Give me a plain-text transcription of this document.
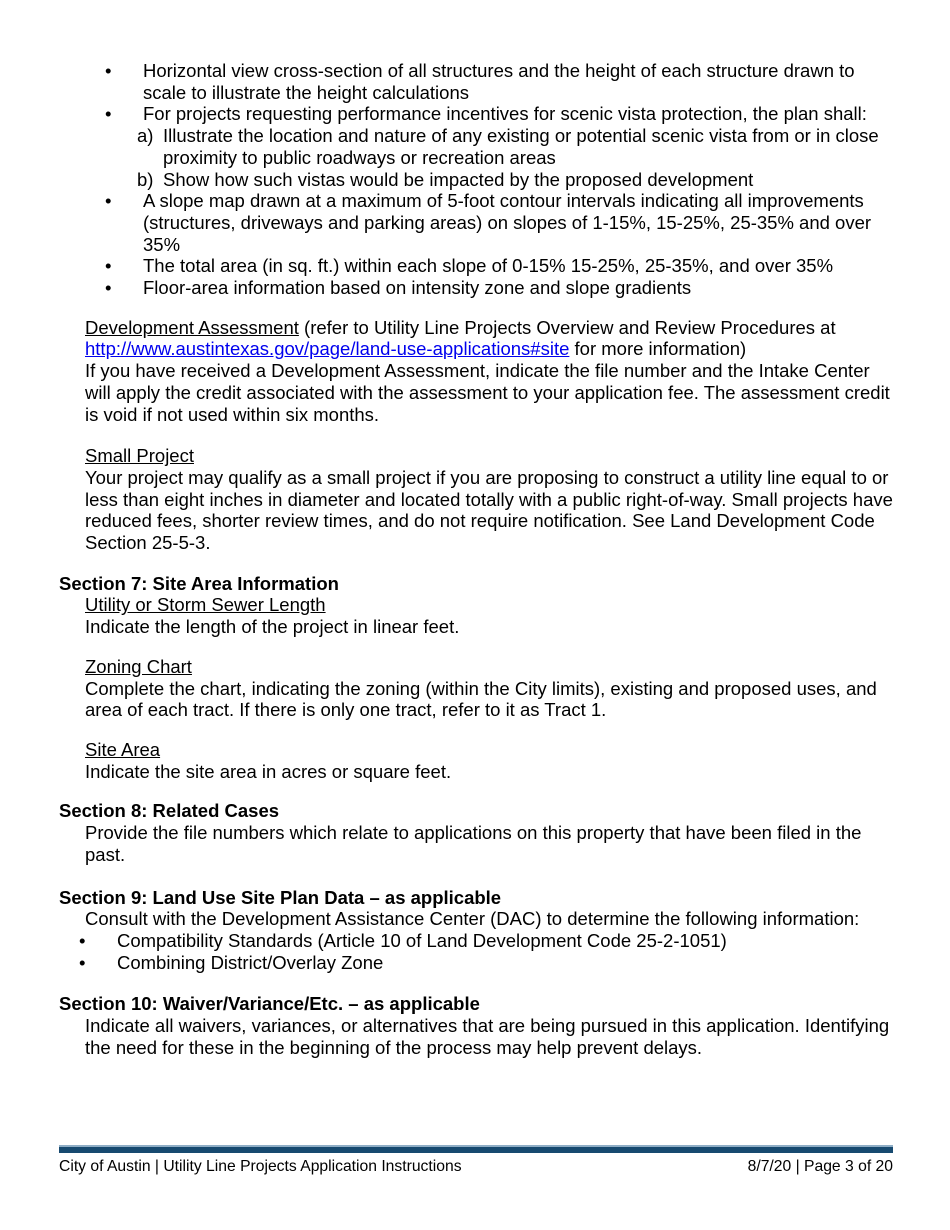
• Horizontal view cross-section of all structures and the height of each structure drawn to scale to illustrate the height calculations
• For projects requesting performance incentives for scenic vista protection, the plan shall:
a) Illustrate the location and nature of any existing or potential scenic vista from or in close proximity to public roadways or recreation areas
b) Show how such vistas would be impacted by the proposed development
• A slope map drawn at a maximum of 5-foot contour intervals indicating all improvements (structures, driveways and parking areas) on slopes of 1-15%, 15-25%, 25-35% and over 35%
• The total area (in sq. ft.) within each slope of 0-15% 15-25%, 25-35%, and over 35%
• Floor-area information based on intensity zone and slope gradients

Development Assessment (refer to Utility Line Projects Overview and Review Procedures at http://www.austintexas.gov/page/land-use-applications#site for more information)

If you have received a Development Assessment, indicate the file number and the Intake Center will apply the credit associated with the assessment to your application fee. The assessment credit is void if not used within six months.

Small Project

Your project may qualify as a small project if you are proposing to construct a utility line equal to or less than eight inches in diameter and located totally with a public right-of-way. Small projects have reduced fees, shorter review times, and do not require notification. See Land Development Code Section 25-5-3.

Section 7: Site Area Information
Utility or Storm Sewer Length

Indicate the length of the project in linear feet.

Zoning Chart

Complete the chart, indicating the zoning (within the City limits), existing and proposed uses, and area of each tract. If there is only one tract, refer to it as Tract 1.

Site Area

Indicate the site area in acres or square feet.

Section 8: Related Cases

Provide the file numbers which relate to applications on this property that have been filed in the past.

Section 9: Land Use Site Plan Data – as applicable

Consult with the Development Assistance Center (DAC) to determine the following information:

• Compatibility Standards (Article 10 of Land Development Code 25-2-1051)
• Combining District/Overlay Zone
Section 10: Waiver/Variance/Etc. – as applicable

Indicate all waivers, variances, or alternatives that are being pursued in this application. Identifying the need for these in the beginning of the process may help prevent delays.

City of Austin | Utility Line Projects Application Instructions	8/7/20 | Page 3 of 20
